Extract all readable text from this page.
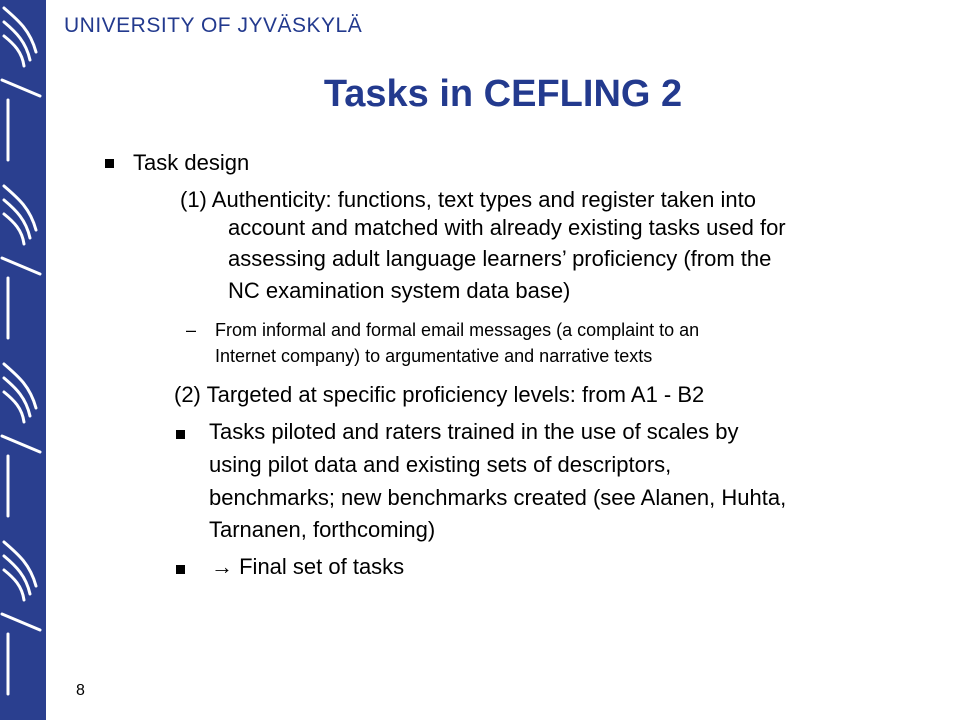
UNIVERSITY OF JYVÄSKYLÄ
Tasks in CEFLING 2
Task design
(1) Authenticity: functions, text types and register taken into
account and matched with already existing tasks used for
assessing adult language learners’ proficiency (from the
NC examination system data base)
– From informal and formal email messages (a complaint to an
Internet company) to argumentative and narrative texts
(2) Targeted at specific proficiency levels: from A1 - B2
Tasks piloted and raters trained in the use of scales by
using pilot data and existing sets of descriptors,
benchmarks; new benchmarks created (see Alanen, Huhta,
Tarnanen, forthcoming)
→ Final set of tasks
8
